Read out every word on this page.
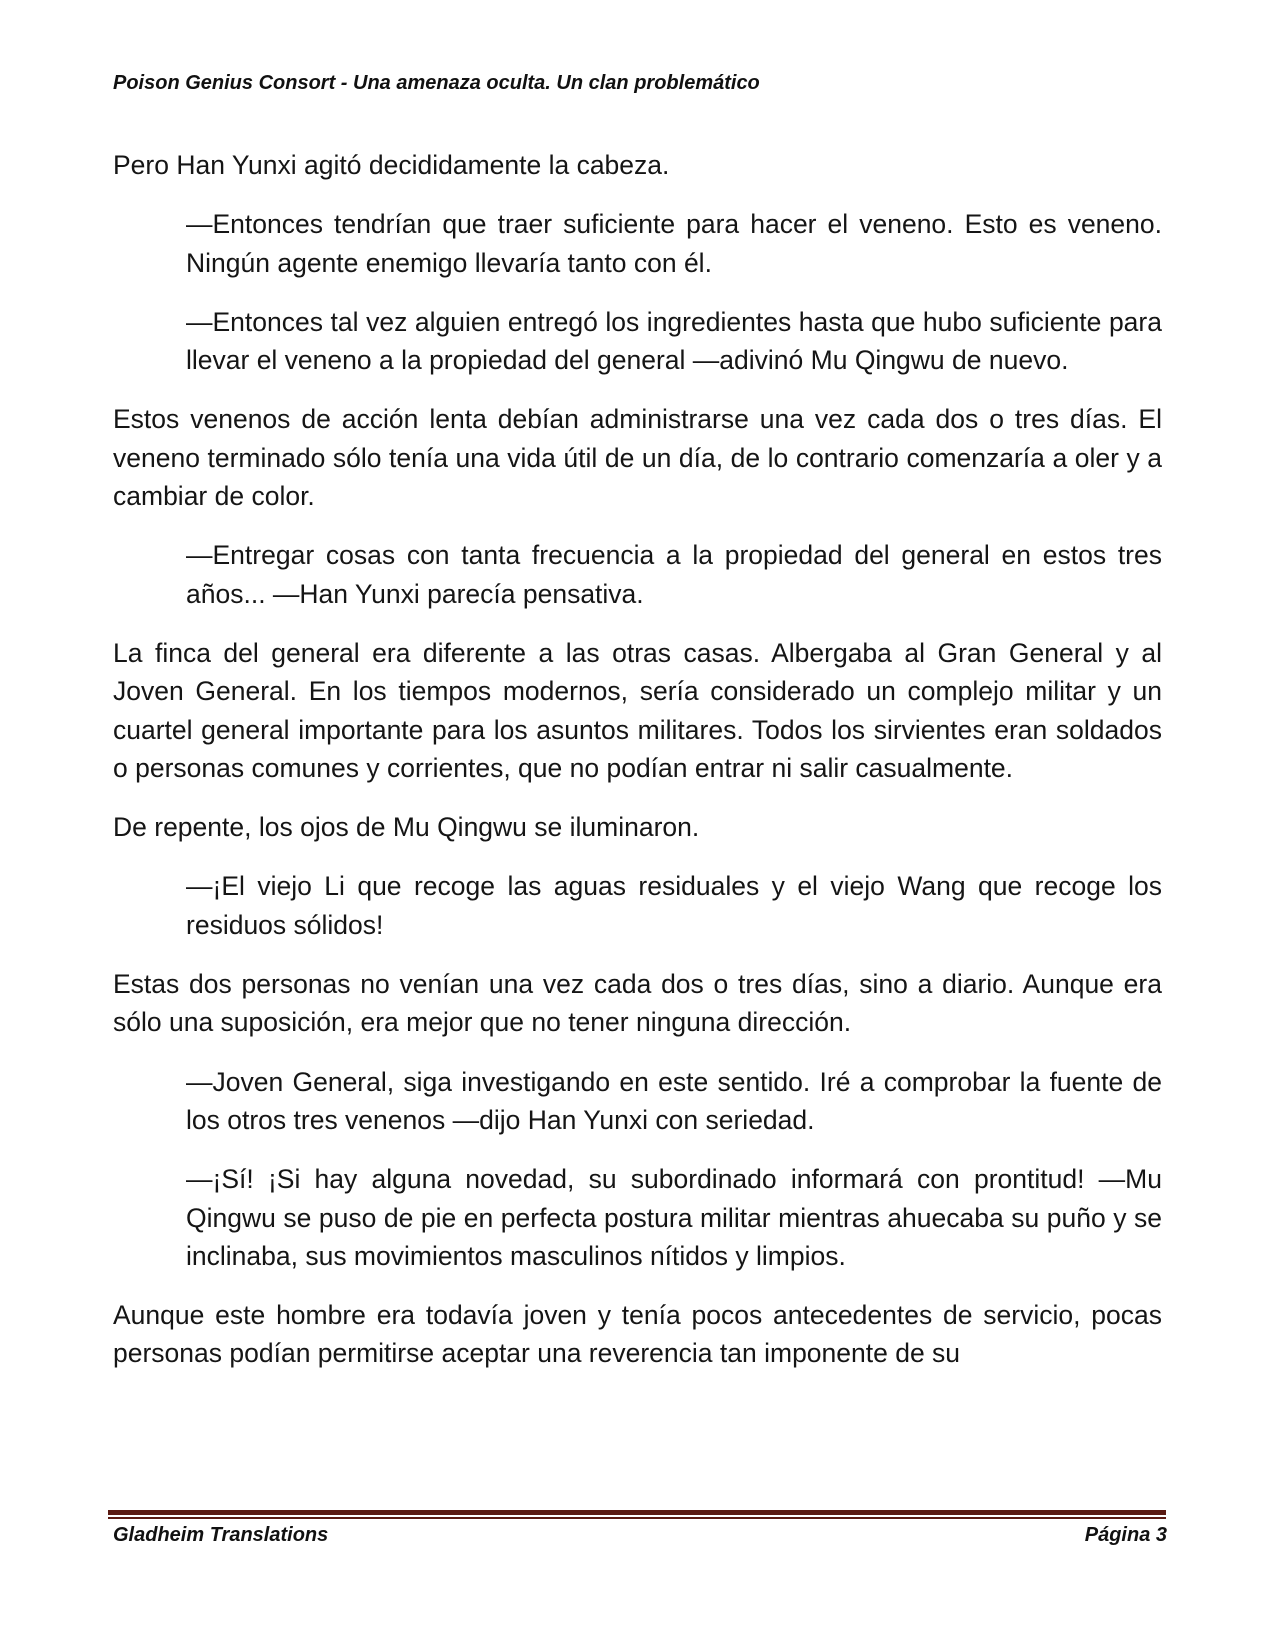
Poison Genius Consort - Una amenaza oculta. Un clan problemático

Pero Han Yunxi agitó decididamente la cabeza.

—Entonces tendrían que traer suficiente para hacer el veneno. Esto es veneno. Ningún agente enemigo llevaría tanto con él.

—Entonces tal vez alguien entregó los ingredientes hasta que hubo suficiente para llevar el veneno a la propiedad del general —adivinó Mu Qingwu de nuevo.

Estos venenos de acción lenta debían administrarse una vez cada dos o tres días. El veneno terminado sólo tenía una vida útil de un día, de lo contrario comenzaría a oler y a cambiar de color.

—Entregar cosas con tanta frecuencia a la propiedad del general en estos tres años... —Han Yunxi parecía pensativa.

La finca del general era diferente a las otras casas. Albergaba al Gran General y al Joven General. En los tiempos modernos, sería considerado un complejo militar y un cuartel general importante para los asuntos militares. Todos los sirvientes eran soldados o personas comunes y corrientes, que no podían entrar ni salir casualmente.

De repente, los ojos de Mu Qingwu se iluminaron.

—¡El viejo Li que recoge las aguas residuales y el viejo Wang que recoge los residuos sólidos!

Estas dos personas no venían una vez cada dos o tres días, sino a diario. Aunque era sólo una suposición, era mejor que no tener ninguna dirección.

—Joven General, siga investigando en este sentido. Iré a comprobar la fuente de los otros tres venenos —dijo Han Yunxi con seriedad.

—¡Sí! ¡Si hay alguna novedad, su subordinado informará con prontitud! —Mu Qingwu se puso de pie en perfecta postura militar mientras ahuecaba su puño y se inclinaba, sus movimientos masculinos nítidos y limpios.

Aunque este hombre era todavía joven y tenía pocos antecedentes de servicio, pocas personas podían permitirse aceptar una reverencia tan imponente de su

Gladheim Translations	Página 3
